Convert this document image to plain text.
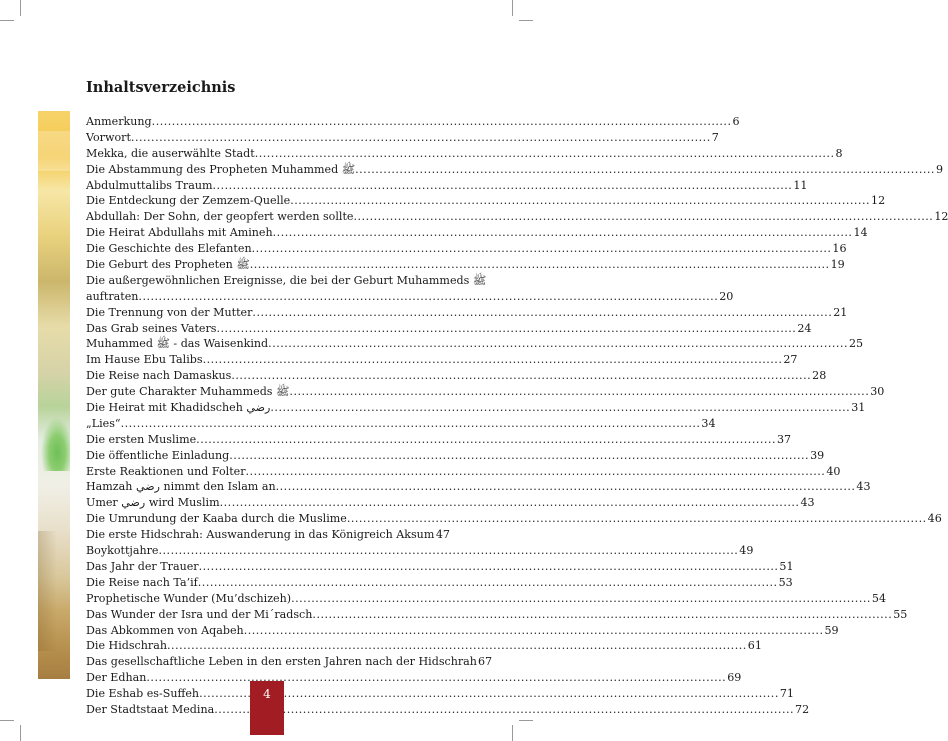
Inhaltsverzeichnis
Anmerkung .....	6
Vorwort .....	7
Mekka, die auserwählte Stadt .....	8
Die Abstammung des Propheten Muhammed ﷺ .....	9
Abdulmuttalibs Traum .....	11
Die Entdeckung der Zemzem-Quelle .....	12
Abdullah: Der Sohn, der geopfert werden sollte .....	12
Die Heirat Abdullahs mit Amineh .....	14
Die Geschichte des Elefanten .....	16
Die Geburt des Propheten ﷺ .....	19
Die außergewöhnlichen Ereignisse, die bei der Geburt Muhammeds ﷺ
auftraten .....	20
Die Trennung von der Mutter .....	21
Das Grab seines Vaters .....	24
Muhammed ﷺ - das Waisenkind .....	25
Im Hause Ebu Talibs .....	27
Die Reise nach Damaskus .....	28
Der gute Charakter Muhammeds ﷺ .....	30
Die Heirat mit Khadidscheh رضي .....	31
„Lies“ .....	34
Die ersten Muslime .....	37
Die öffentliche Einladung .....	39
Erste Reaktionen und Folter .....	40
Hamzah رضي nimmt den Islam an .....	43
Umer رضي wird Muslim .....	43
Die Umrundung der Kaaba durch die Muslime .....	46
Die erste Hidschrah: Auswanderung in das Königreich Aksum ..... 47
Boykottjahre .....	49
Das Jahr der Trauer .....	51
Die Reise nach Ta’if .....	53
Prophetische Wunder (Mu’dschizeh) .....	54
Das Wunder der Isra und der Mi´radsch .....	55
Das Abkommen von Aqabeh .....	59
Die Hidschrah .....	61
Das gesellschaftliche Leben in den ersten Jahren nach der Hidschrah 67
Der Edhan .....	69
Die Eshab es-Suffeh .....	71
Der Stadtstaat Medina .....	72
4
